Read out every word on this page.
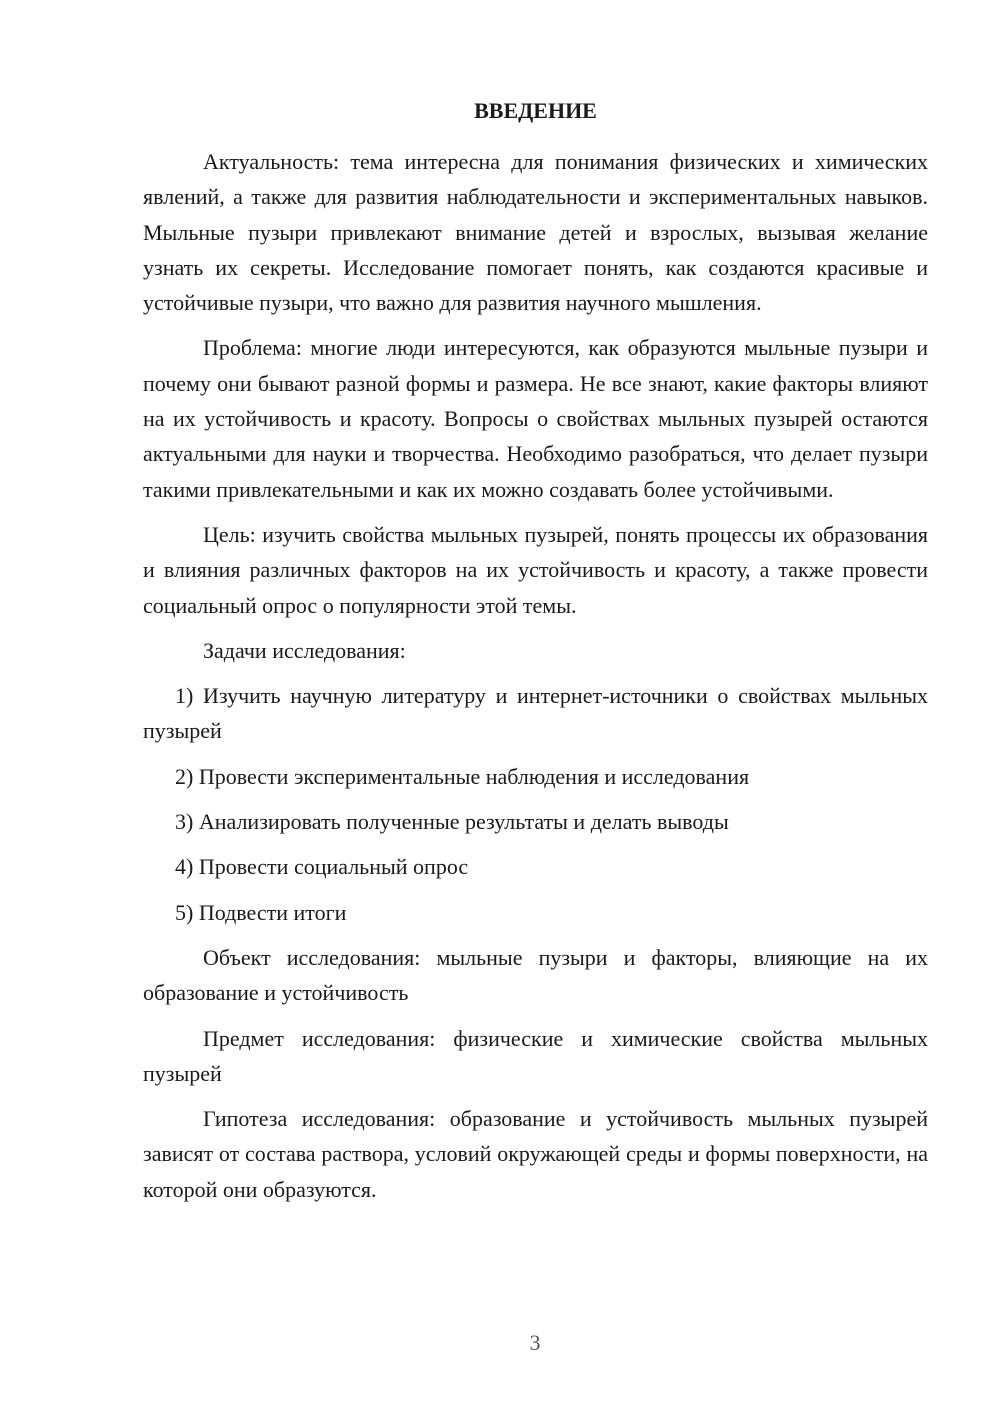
ВВЕДЕНИЕ

Актуальность: тема интересна для понимания физических и химических явлений, а также для развития наблюдательности и экспериментальных навыков. Мыльные пузыри привлекают внимание детей и взрослых, вызывая желание узнать их секреты. Исследование помогает понять, как создаются красивые и устойчивые пузыри, что важно для развития научного мышления.

Проблема: многие люди интересуются, как образуются мыльные пузыри и почему они бывают разной формы и размера. Не все знают, какие факторы влияют на их устойчивость и красоту. Вопросы о свойствах мыльных пузырей остаются актуальными для науки и творчества. Необходимо разобраться, что делает пузыри такими привлекательными и как их можно создавать более устойчивыми.

Цель: изучить свойства мыльных пузырей, понять процессы их образования и влияния различных факторов на их устойчивость и красоту, а также провести социальный опрос о популярности этой темы.

Задачи исследования:

1) Изучить научную литературу и интернет-источники о свойствах мыльных пузырей

2) Провести экспериментальные наблюдения и исследования

3) Анализировать полученные результаты и делать выводы

4) Провести социальный опрос

5) Подвести итоги

Объект исследования: мыльные пузыри и факторы, влияющие на их образование и устойчивость

Предмет исследования: физические и химические свойства мыльных пузырей

Гипотеза исследования: образование и устойчивость мыльных пузырей зависят от состава раствора, условий окружающей среды и формы поверхности, на которой они образуются.

3
